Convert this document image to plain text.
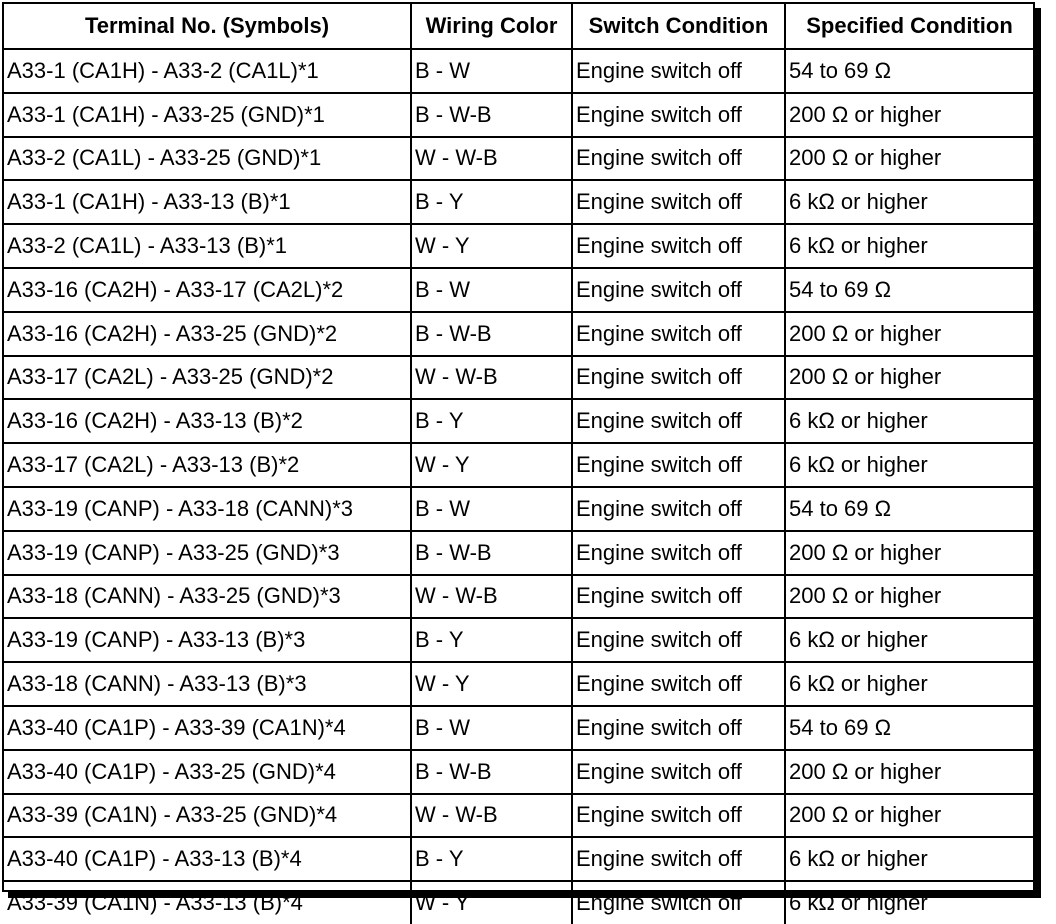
Terminal No. (Symbols)	Wiring Color	Switch Condition	Specified Condition
A33-1 (CA1H) - A33-2 (CA1L)*1	B - W	Engine switch off	54 to 69 Ω
A33-1 (CA1H) - A33-25 (GND)*1	B - W-B	Engine switch off	200 Ω or higher
A33-2 (CA1L) - A33-25 (GND)*1	W - W-B	Engine switch off	200 Ω or higher
A33-1 (CA1H) - A33-13 (B)*1	B - Y	Engine switch off	6 kΩ or higher
A33-2 (CA1L) - A33-13 (B)*1	W - Y	Engine switch off	6 kΩ or higher
A33-16 (CA2H) - A33-17 (CA2L)*2	B - W	Engine switch off	54 to 69 Ω
A33-16 (CA2H) - A33-25 (GND)*2	B - W-B	Engine switch off	200 Ω or higher
A33-17 (CA2L) - A33-25 (GND)*2	W - W-B	Engine switch off	200 Ω or higher
A33-16 (CA2H) - A33-13 (B)*2	B - Y	Engine switch off	6 kΩ or higher
A33-17 (CA2L) - A33-13 (B)*2	W - Y	Engine switch off	6 kΩ or higher
A33-19 (CANP) - A33-18 (CANN)*3	B - W	Engine switch off	54 to 69 Ω
A33-19 (CANP) - A33-25 (GND)*3	B - W-B	Engine switch off	200 Ω or higher
A33-18 (CANN) - A33-25 (GND)*3	W - W-B	Engine switch off	200 Ω or higher
A33-19 (CANP) - A33-13 (B)*3	B - Y	Engine switch off	6 kΩ or higher
A33-18 (CANN) - A33-13 (B)*3	W - Y	Engine switch off	6 kΩ or higher
A33-40 (CA1P) - A33-39 (CA1N)*4	B - W	Engine switch off	54 to 69 Ω
A33-40 (CA1P) - A33-25 (GND)*4	B - W-B	Engine switch off	200 Ω or higher
A33-39 (CA1N) - A33-25 (GND)*4	W - W-B	Engine switch off	200 Ω or higher
A33-40 (CA1P) - A33-13 (B)*4	B - Y	Engine switch off	6 kΩ or higher
A33-39 (CA1N) - A33-13 (B)*4	W - Y	Engine switch off	6 kΩ or higher
